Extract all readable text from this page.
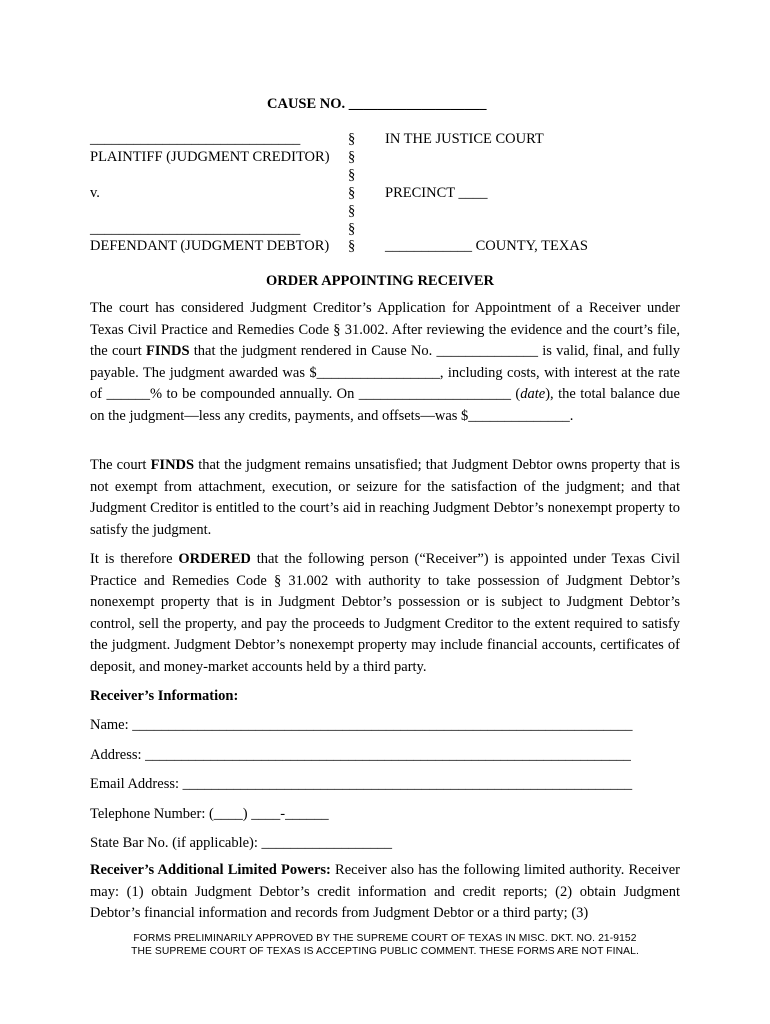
CAUSE NO. ___________________
_____________________________
PLAINTIFF (JUDGMENT CREDITOR)
v.
_____________________________
DEFENDANT (JUDGMENT DEBTOR)
§
§
§
§
§
§
§
IN THE JUSTICE COURT
PRECINCT ____
____________ COUNTY, TEXAS
ORDER APPOINTING RECEIVER

The court has considered Judgment Creditor’s Application for Appointment of a Receiver under Texas Civil Practice and Remedies Code § 31.002. After reviewing the evidence and the court’s file, the court FINDS that the judgment rendered in Cause No. ______________ is valid, final, and fully payable. The judgment awarded was $_________________, including costs, with interest at the rate of ______% to be compounded annually. On _____________________ (date), the total balance due on the judgment—less any credits, payments, and offsets—was $______________.

The court FINDS that the judgment remains unsatisfied; that Judgment Debtor owns property that is not exempt from attachment, execution, or seizure for the satisfaction of the judgment; and that Judgment Creditor is entitled to the court’s aid in reaching Judgment Debtor’s nonexempt property to satisfy the judgment.

It is therefore ORDERED that the following person (“Receiver”) is appointed under Texas Civil Practice and Remedies Code § 31.002 with authority to take possession of Judgment Debtor’s nonexempt property that is in Judgment Debtor’s possession or is subject to Judgment Debtor’s control, sell the property, and pay the proceeds to Judgment Creditor to the extent required to satisfy the judgment. Judgment Debtor’s nonexempt property may include financial accounts, certificates of deposit, and money-market accounts held by a third party.

Receiver’s Information:
Name: _____________________________________________________________________
Address: ___________________________________________________________________
Email Address: ______________________________________________________________
Telephone Number: (____) ____-______
State Bar No. (if applicable): __________________

Receiver’s Additional Limited Powers: Receiver also has the following limited authority. Receiver may: (1) obtain Judgment Debtor’s credit information and credit reports; (2) obtain Judgment Debtor’s financial information and records from Judgment Debtor or a third party; (3)

FORMS PRELIMINARILY APPROVED BY THE SUPREME COURT OF TEXAS IN MISC. DKT. NO. 21-9152
THE SUPREME COURT OF TEXAS IS ACCEPTING PUBLIC COMMENT. THESE FORMS ARE NOT FINAL.
